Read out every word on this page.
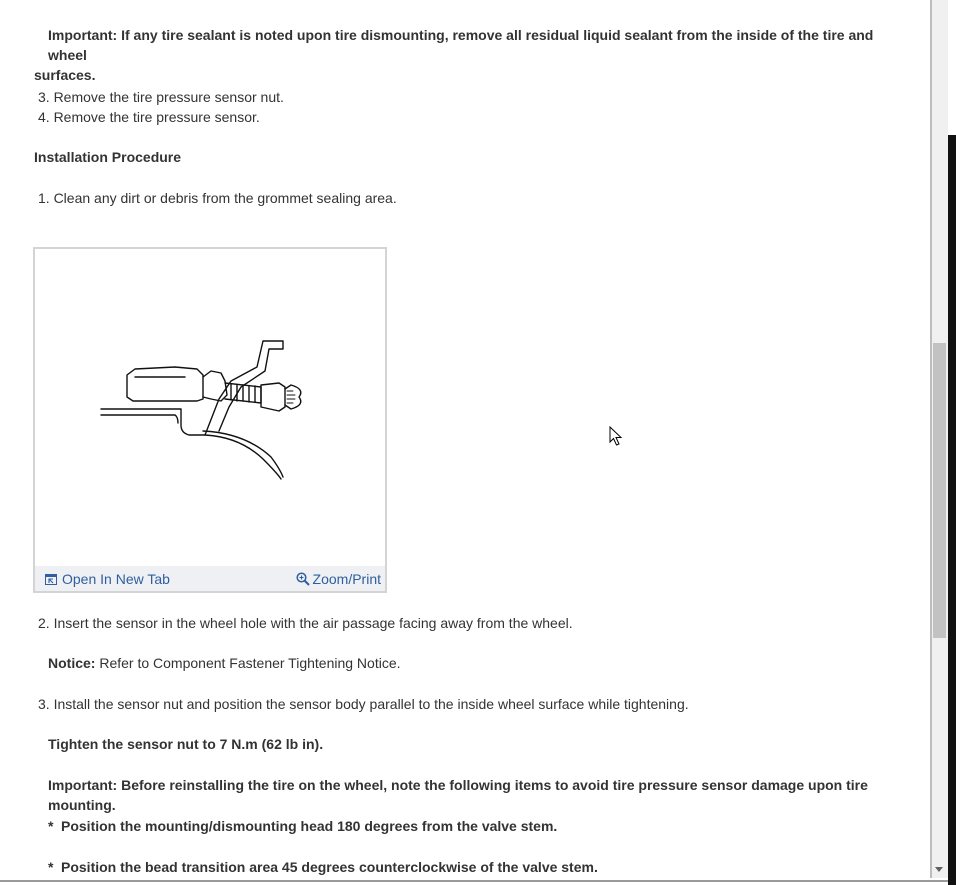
Important: If any tire sealant is noted upon tire dismounting, remove all residual liquid sealant from the inside of the tire and wheel
surfaces.

3. Remove the tire pressure sensor nut.

4. Remove the tire pressure sensor.

Installation Procedure

1. Clean any dirt or debris from the grommet sealing area.

Open In New Tab	Zoom/Print

2. Insert the sensor in the wheel hole with the air passage facing away from the wheel.

Notice: Refer to Component Fastener Tightening Notice.

3. Install the sensor nut and position the sensor body parallel to the inside wheel surface while tightening.

Tighten the sensor nut to 7 N.m (62 lb in).

Important: Before reinstalling the tire on the wheel, note the following items to avoid tire pressure sensor damage upon tire mounting.

* Position the mounting/dismounting head 180 degrees from the valve stem.

* Position the bead transition area 45 degrees counterclockwise of the valve stem.
